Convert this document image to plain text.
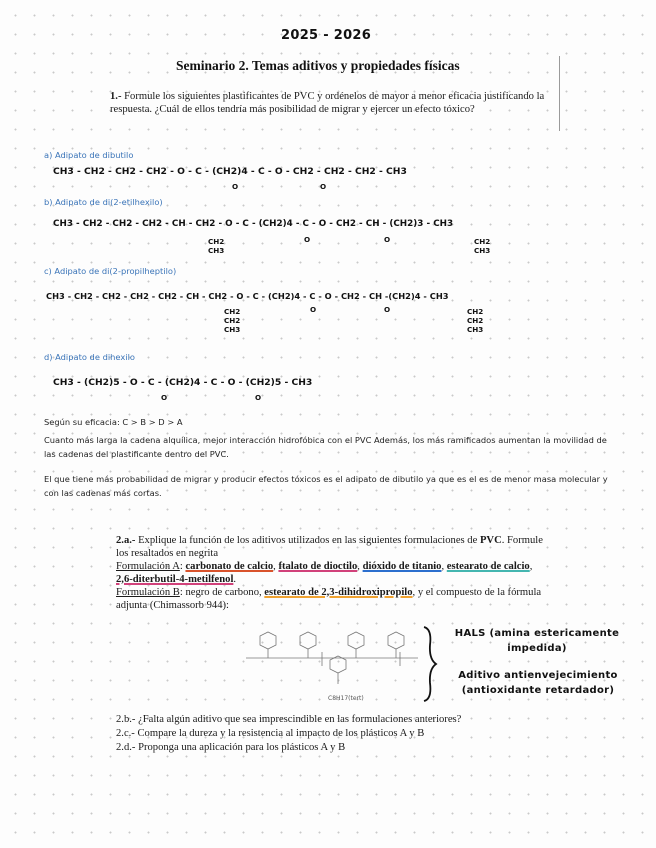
2025 - 2026
Seminario 2. Temas aditivos y propiedades físicas
1.- Formule los siguientes plastificantes de PVC y ordénelos de mayor a menor eficacia justificando la respuesta. ¿Cuál de ellos tendría más posibilidad de migrar y ejercer un efecto tóxico?
a) Adipato de dibutilo
CH3 - CH2 - CH2 - CH2 - O - C - (CH2)4 - C - O - CH2 - CH2 - CH2 - CH3
O	O
b) Adipato de di(2-etilhexilo)
CH3 - CH2 - CH2 - CH2 - CH - CH2 - O - C - (CH2)4 - C - O - CH2 - CH - (CH2)3 - CH3
CH2
CH3
O	O	CH2
CH3
c) Adipato de di(2-propilheptilo)
CH3 - CH2 - CH2 - CH2 - CH2 - CH - CH2 - O - C - (CH2)4 - C - O - CH2 - CH -(CH2)4 - CH3
CH2
CH2
CH3
O	O	CH2
CH2
CH3
d) Adipato de dihexilo
CH3 - (CH2)5 - O - C - (CH2)4 - C - O - (CH2)5 - CH3
O	O
Según su eficacia: C > B > D > A
Cuanto más larga la cadena alquílica, mejor interacción hidrofóbica con el PVC Además, los más ramificados aumentan la movilidad de las cadenas del plastificante dentro del PVC.
El que tiene más probabilidad de migrar y producir efectos tóxicos es el adipato de dibutilo ya que es el es de menor masa molecular y con las cadenas más cortas.
2.a.- Explique la función de los aditivos utilizados en las siguientes formulaciones de PVC. Formule los resaltados en negrita
Formulación A: carbonato de calcio, ftalato de dioctilo, dióxido de titanio, estearato de calcio, 2,6-diterbutil-4-metilfenol.
Formulación B: negro de carbono, estearato de 2,3-dihidroxipropilo, y el compuesto de la fórmula adjunta (Chimassorb 944):
C8H17(tert)
HALS (amina estericamente impedida)
Aditivo antienvejecimiento (antioxidante retardador)
2.b.- ¿Falta algún aditivo que sea imprescindible en las formulaciones anteriores?
2.c.- Compare la dureza y la resistencia al impacto de los plásticos A y B
2.d.- Proponga una aplicación para los plásticos A y B
